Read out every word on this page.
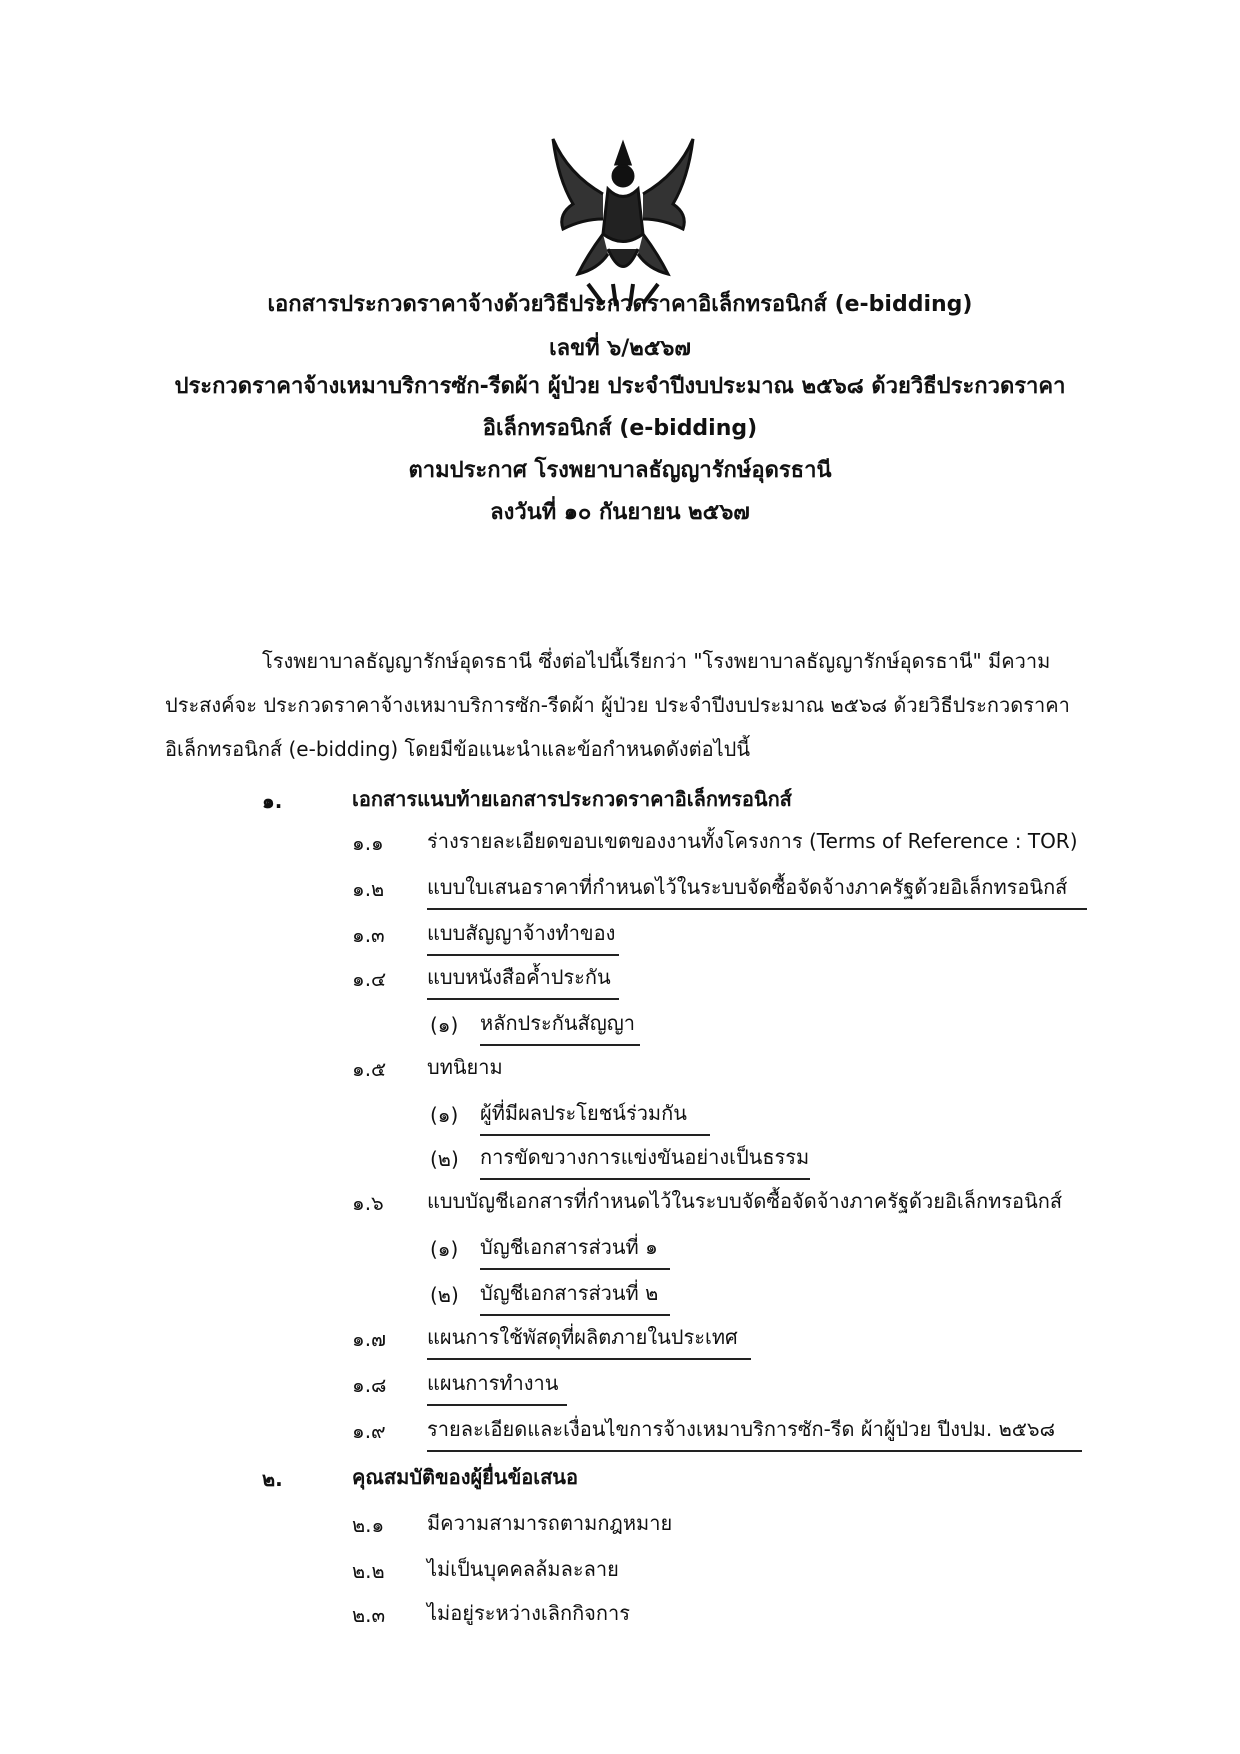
เอกสารประกวดราคาจ้างด้วยวิธีประกวดราคาอิเล็กทรอนิกส์ (e-bidding)
เลขที่ ๖/๒๕๖๗
ประกวดราคาจ้างเหมาบริการซัก-รีดผ้า ผู้ป่วย ประจำปีงบประมาณ ๒๕๖๘ ด้วยวิธีประกวดราคา
อิเล็กทรอนิกส์ (e-bidding)
ตามประกาศ โรงพยาบาลธัญญารักษ์อุดรธานี
ลงวันที่ ๑๐ กันยายน ๒๕๖๗
โรงพยาบาลธัญญารักษ์อุดรธานี ซึ่งต่อไปนี้เรียกว่า "โรงพยาบาลธัญญารักษ์อุดรธานี" มีความ
ประสงค์จะ ประกวดราคาจ้างเหมาบริการซัก-รีดผ้า ผู้ป่วย ประจำปีงบประมาณ ๒๕๖๘ ด้วยวิธีประกวดราคา
อิเล็กทรอนิกส์ (e-bidding) โดยมีข้อแนะนำและข้อกำหนดดังต่อไปนี้
๑.	เอกสารแนบท้ายเอกสารประกวดราคาอิเล็กทรอนิกส์
๑.๑ ร่างรายละเอียดขอบเขตของงานทั้งโครงการ (Terms of Reference : TOR)
๑.๒ แบบใบเสนอราคาที่กำหนดไว้ในระบบจัดซื้อจัดจ้างภาครัฐด้วยอิเล็กทรอนิกส์
๑.๓ แบบสัญญาจ้างทำของ
๑.๔ แบบหนังสือค้ำประกัน
(๑) หลักประกันสัญญา
๑.๕ บทนิยาม
(๑) ผู้ที่มีผลประโยชน์ร่วมกัน
(๒) การขัดขวางการแข่งขันอย่างเป็นธรรม
๑.๖ แบบบัญชีเอกสารที่กำหนดไว้ในระบบจัดซื้อจัดจ้างภาครัฐด้วยอิเล็กทรอนิกส์
(๑) บัญชีเอกสารส่วนที่ ๑
(๒) บัญชีเอกสารส่วนที่ ๒
๑.๗ แผนการใช้พัสดุที่ผลิตภายในประเทศ
๑.๘ แผนการทำงาน
๑.๙ รายละเอียดและเงื่อนไขการจ้างเหมาบริการซัก-รีด ผ้าผู้ป่วย ปีงปม. ๒๕๖๘
๒.	คุณสมบัติของผู้ยื่นข้อเสนอ
๒.๑ มีความสามารถตามกฎหมาย
๒.๒ ไม่เป็นบุคคลล้มละลาย
๒.๓ ไม่อยู่ระหว่างเลิกกิจการ
